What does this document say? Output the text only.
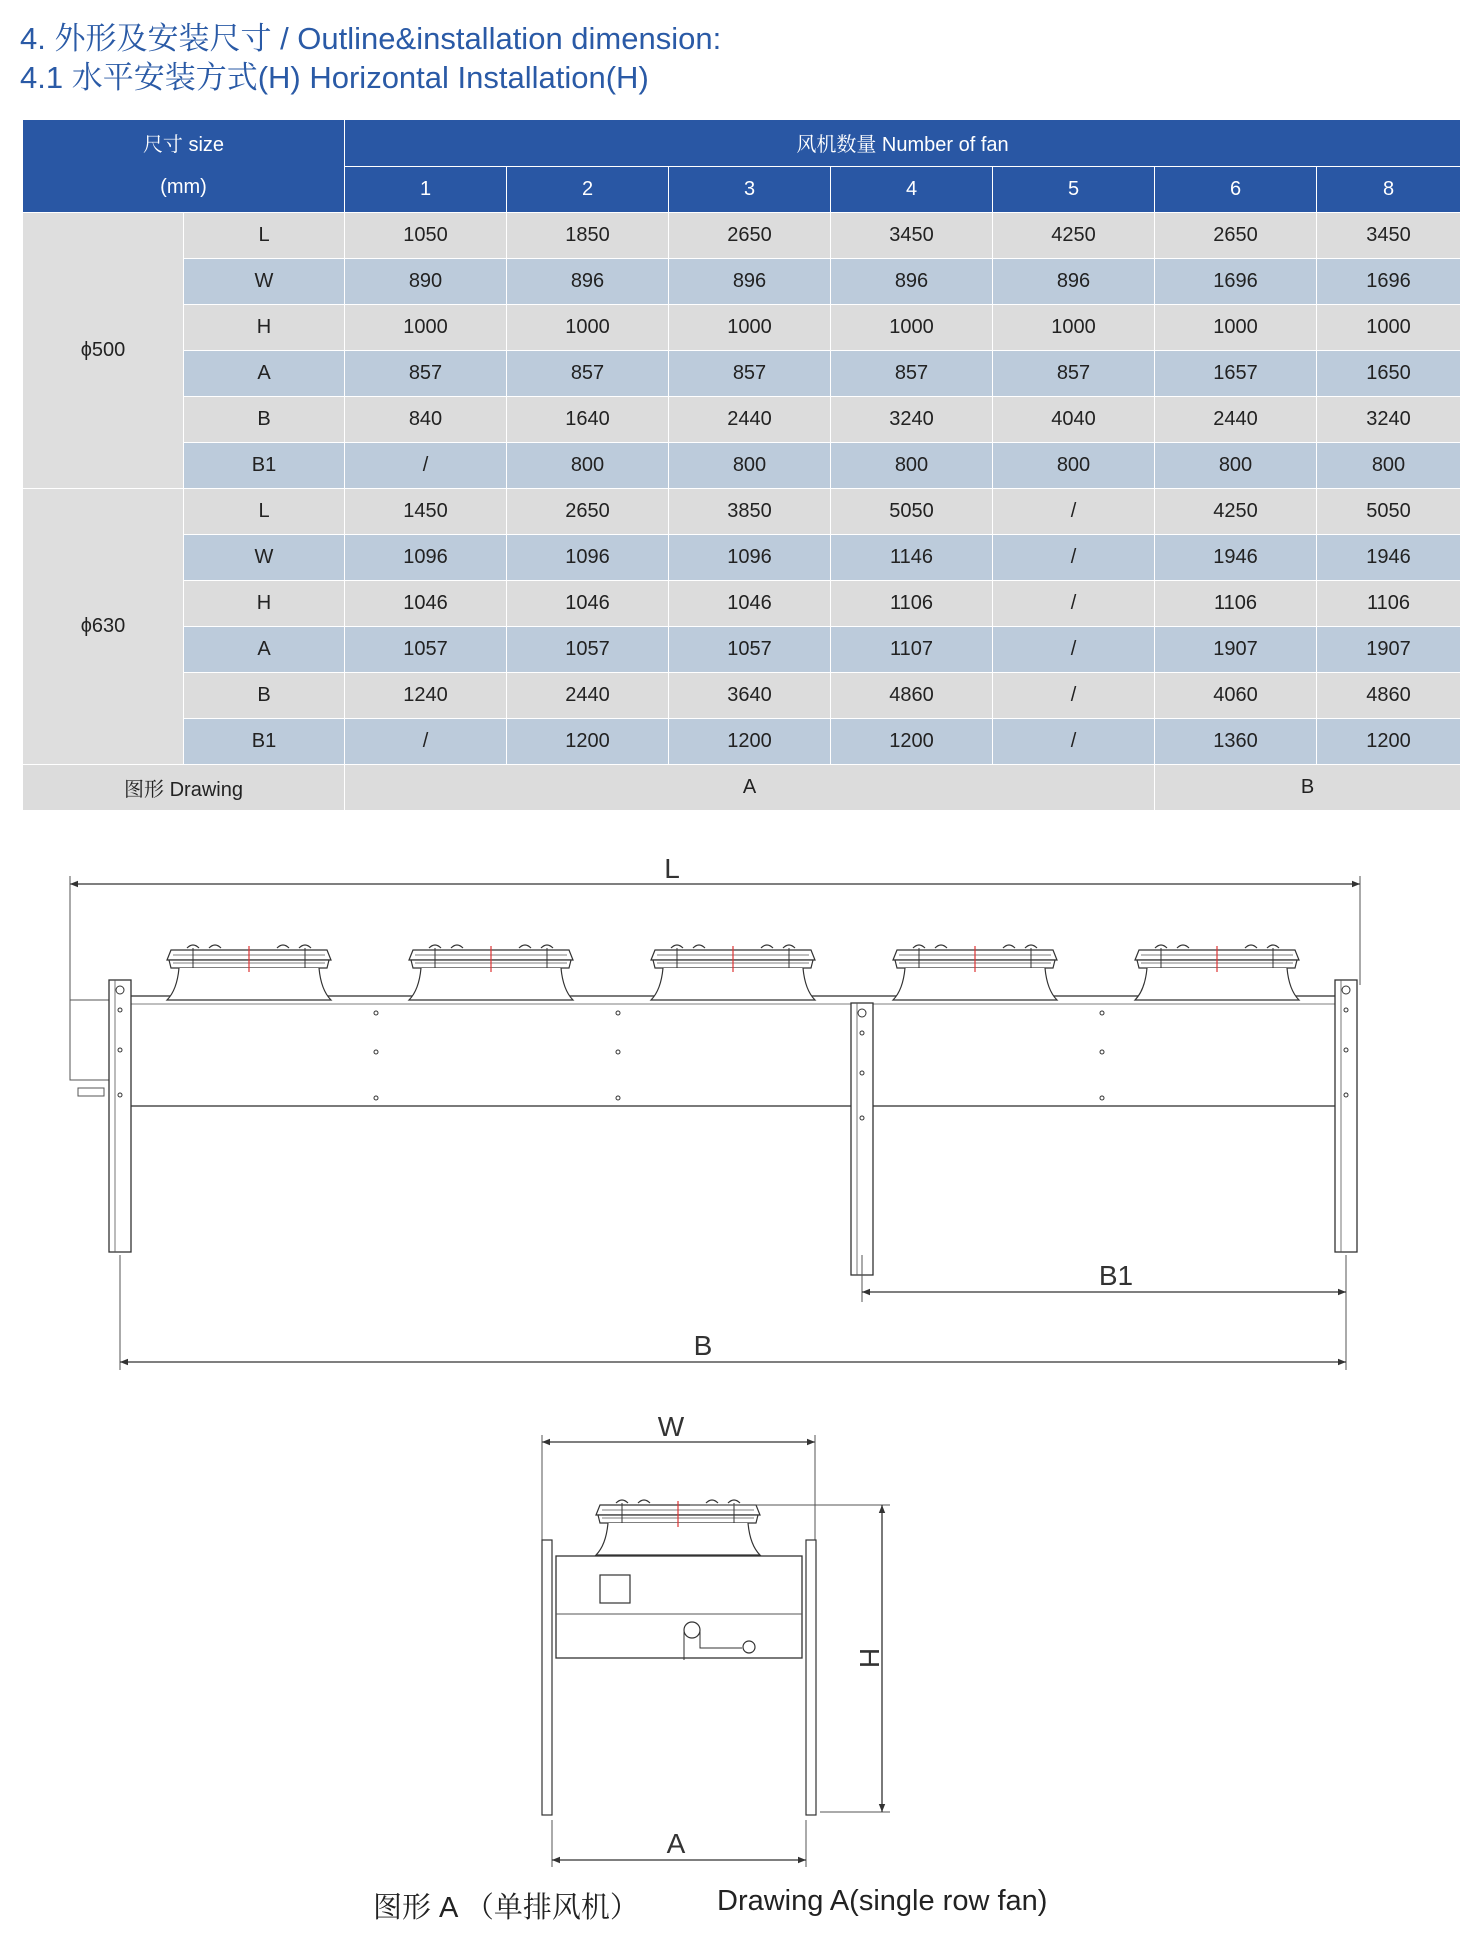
4. 外形及安装尺寸 / Outline&installation dimension:
4.1 水平安装方式(H) Horizontal Installation(H)
尺寸 size
(mm)		风机数量 Number of fan						
		1	2	3	4	5	6	8
ϕ500	L	1050	1850	2650	3450	4250	2650	3450
	W	890	896	896	896	896	1696	1696
	H	1000	1000	1000	1000	1000	1000	1000
	A	857	857	857	857	857	1657	1650
	B	840	1640	2440	3240	4040	2440	3240
	B1	/	800	800	800	800	800	800
ϕ630	L	1450	2650	3850	5050	/	4250	5050
	W	1096	1096	1096	1146	/	1946	1946
	H	1046	1046	1046	1106	/	1106	1106
	A	1057	1057	1057	1107	/	1907	1907
	B	1240	2440	3640	4860	/	4060	4860
	B1	/	1200	1200	1200	/	1360	1200
图形 Drawing		A					B	
L
B1
B
W
H
A
图形 A （单排风机）	Drawing A(single row fan)
